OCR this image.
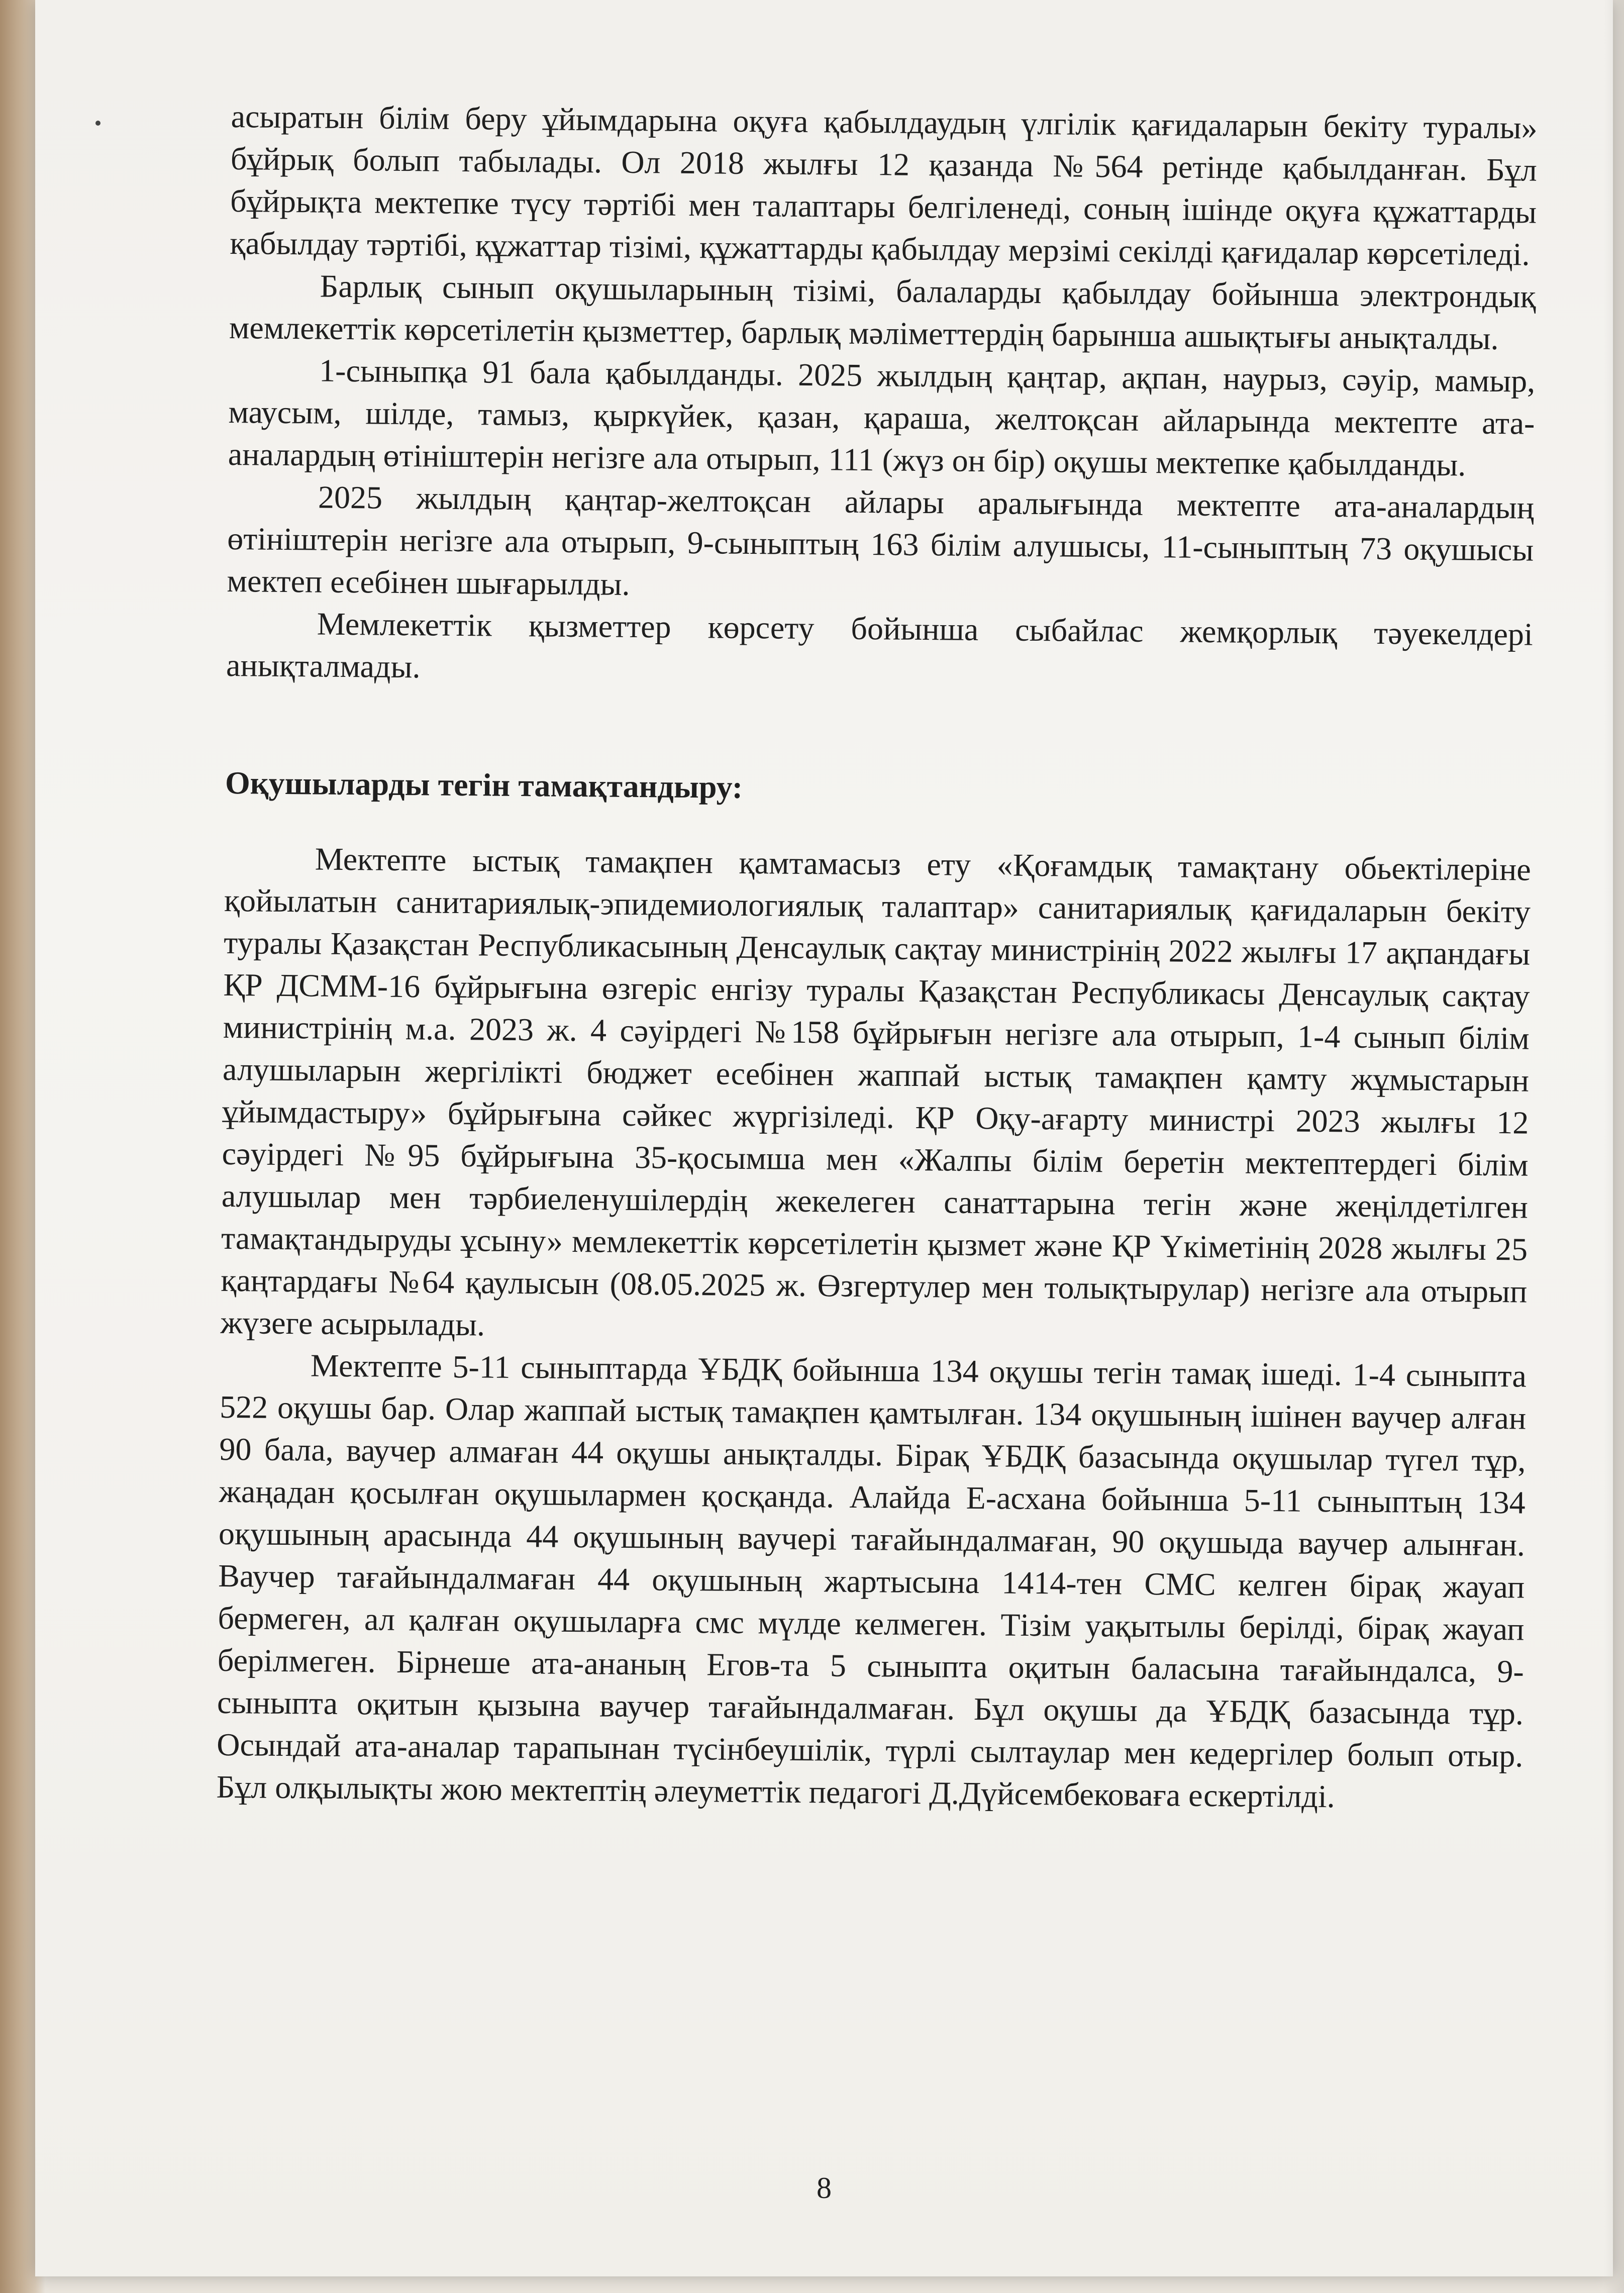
асыратын білім беру ұйымдарына оқуға қабылдаудың үлгілік қағидаларын бекіту туралы» бұйрық болып табылады. Ол 2018 жылғы 12 қазанда №564 ретінде қабылданған. Бұл бұйрықта мектепке түсу тәртібі мен талаптары белгіленеді, соның ішінде оқуға құжаттарды қабылдау тәртібі, құжаттар тізімі, құжаттарды қабылдау мерзімі секілді қағидалар көрсетіледі.

Барлық сынып оқушыларының тізімі, балаларды қабылдау бойынша электрондық мемлекеттік көрсетілетін қызметтер, барлық мәліметтердің барынша ашықтығы анықталды.

1-сыныпқа 91 бала қабылданды. 2025 жылдың қаңтар, ақпан, наурыз, сәуір, мамыр, маусым, шілде, тамыз, қыркүйек, қазан, қараша, желтоқсан айларында мектепте ата-аналардың өтініштерін негізге ала отырып, 111 (жүз он бір) оқушы мектепке қабылданды.

2025 жылдың қаңтар-желтоқсан айлары аралығында мектепте ата-аналардың өтініштерін негізге ала отырып, 9-сыныптың 163 білім алушысы, 11-сыныптың 73 оқушысы мектеп есебінен шығарылды.

Мемлекеттік қызметтер көрсету бойынша сыбайлас жемқорлық тәуекелдері анықталмады.

Оқушыларды тегін тамақтандыру:

Мектепте ыстық тамақпен қамтамасыз ету «Қоғамдық тамақтану обьектілеріне қойылатын санитариялық-эпидемиологиялық талаптар» санитариялық қағидаларын бекіту туралы Қазақстан Республикасының Денсаулық сақтау министрінің 2022 жылғы 17 ақпандағы ҚР ДСММ-16 бұйрығына өзгеріс енгізу туралы Қазақстан Республикасы Денсаулық сақтау министрінің м.а. 2023 ж. 4 сәуірдегі №158 бұйрығын негізге ала отырып, 1-4 сынып білім алушыларын жергілікті бюджет есебінен жаппай ыстық тамақпен қамту жұмыстарын ұйымдастыру» бұйрығына сәйкес жүргізіледі. ҚР Оқу-ағарту министрі 2023 жылғы 12 сәуірдегі №95 бұйрығына 35-қосымша мен «Жалпы білім беретін мектептердегі білім алушылар мен тәрбиеленушілердің жекелеген санаттарына тегін және жеңілдетілген тамақтандыруды ұсыну» мемлекеттік көрсетілетін қызмет және ҚР Үкіметінің 2028 жылғы 25 қаңтардағы №64 қаулысын (08.05.2025 ж. Өзгертулер мен толықтырулар) негізге ала отырып жүзеге асырылады.

Мектепте 5-11 сыныптарда ҰБДҚ бойынша 134 оқушы тегін тамақ ішеді. 1-4 сыныпта 522 оқушы бар. Олар жаппай ыстық тамақпен қамтылған. 134 оқушының ішінен ваучер алған 90 бала, ваучер алмаған 44 оқушы анықталды. Бірақ ҰБДҚ базасында оқушылар түгел тұр, жаңадан қосылған оқушылармен қосқанда. Алайда Е-асхана бойынша 5-11 сыныптың 134 оқушының арасында 44 оқушының ваучері тағайындалмаған, 90 оқушыда ваучер алынған. Ваучер тағайындалмаған 44 оқушының жартысына 1414-тен СМС келген бірақ жауап бермеген, ал қалған оқушыларға смс мүлде келмеген. Тізім уақытылы берілді, бірақ жауап берілмеген. Бірнеше ата-ананың Егов-та 5 сыныпта оқитын баласына тағайындалса, 9-сыныпта оқитын қызына ваучер тағайындалмаған. Бұл оқушы да ҰБДҚ базасында тұр. Осындай ата-аналар тарапынан түсінбеушілік, түрлі сылтаулар мен кедергілер болып отыр. Бұл олқылықты жою мектептің әлеуметтік педагогі Д.Дүйсембековаға ескертілді.

8
